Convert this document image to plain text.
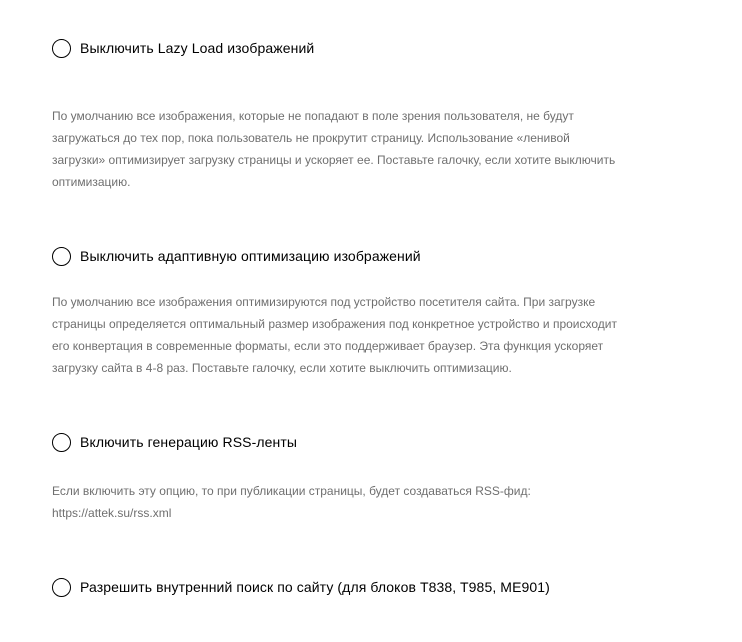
Выключить Lazy Load изображений

По умолчанию все изображения, которые не попадают в поле зрения пользователя, не будут
загружаться до тех пор, пока пользователь не прокрутит страницу. Использование «ленивой
загрузки» оптимизирует загрузку страницы и ускоряет ее. Поставьте галочку, если хотите выключить
оптимизацию.

Выключить адаптивную оптимизацию изображений

По умолчанию все изображения оптимизируются под устройство посетителя сайта. При загрузке
страницы определяется оптимальный размер изображения под конкретное устройство и происходит
его конвертация в современные форматы, если это поддерживает браузер. Эта функция ускоряет
загрузку сайта в 4-8 раз. Поставьте галочку, если хотите выключить оптимизацию.

Включить генерацию RSS-ленты

Если включить эту опцию, то при публикации страницы, будет создаваться RSS-фид:
https://attek.su/rss.xml

Разрешить внутренний поиск по сайту (для блоков T838, T985, ME901)
